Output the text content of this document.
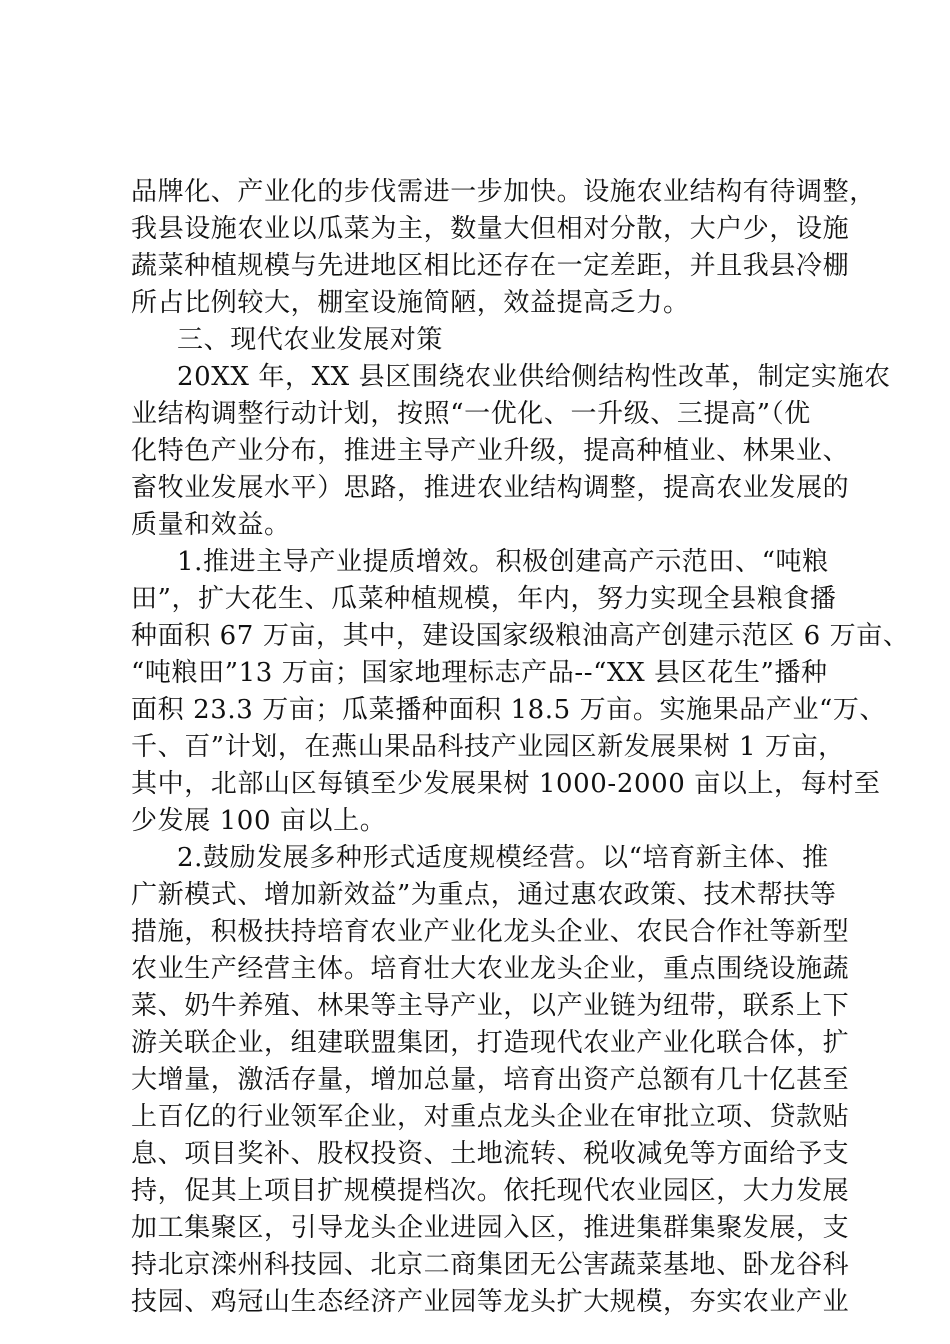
品牌化、产业化的步伐需进一步加快。设施农业结构有待调整，
我县设施农业以瓜菜为主，数量大但相对分散，大户少，设施
蔬菜种植规模与先进地区相比还存在一定差距，并且我县冷棚
所占比例较大，棚室设施简陋，效益提高乏力。
三、现代农业发展对策
20XX 年，XX 县区围绕农业供给侧结构性改革，制定实施农
业结构调整行动计划，按照“一优化、一升级、三提高”（优
化特色产业分布，推进主导产业升级，提高种植业、林果业、
畜牧业发展水平）思路，推进农业结构调整，提高农业发展的
质量和效益。
1.推进主导产业提质增效。积极创建高产示范田、“吨粮
田”，扩大花生、瓜菜种植规模，年内，努力实现全县粮食播
种面积 67 万亩，其中，建设国家级粮油高产创建示范区 6 万亩、
“吨粮田”13 万亩；国家地理标志产品--“XX 县区花生”播种
面积 23.3 万亩；瓜菜播种面积 18.5 万亩。实施果品产业“万、
千、百”计划，在燕山果品科技产业园区新发展果树 1 万亩，
其中，北部山区每镇至少发展果树 1000-2000 亩以上，每村至
少发展 100 亩以上。
2.鼓励发展多种形式适度规模经营。以“培育新主体、推
广新模式、增加新效益”为重点，通过惠农政策、技术帮扶等
措施，积极扶持培育农业产业化龙头企业、农民合作社等新型
农业生产经营主体。培育壮大农业龙头企业，重点围绕设施蔬
菜、奶牛养殖、林果等主导产业，以产业链为纽带，联系上下
游关联企业，组建联盟集团，打造现代农业产业化联合体，扩
大增量，激活存量，增加总量，培育出资产总额有几十亿甚至
上百亿的行业领军企业，对重点龙头企业在审批立项、贷款贴
息、项目奖补、股权投资、土地流转、税收减免等方面给予支
持，促其上项目扩规模提档次。依托现代农业园区，大力发展
加工集聚区，引导龙头企业进园入区，推进集群集聚发展，支
持北京滦州科技园、北京二商集团无公害蔬菜基地、卧龙谷科
技园、鸡冠山生态经济产业园等龙头扩大规模，夯实农业产业
